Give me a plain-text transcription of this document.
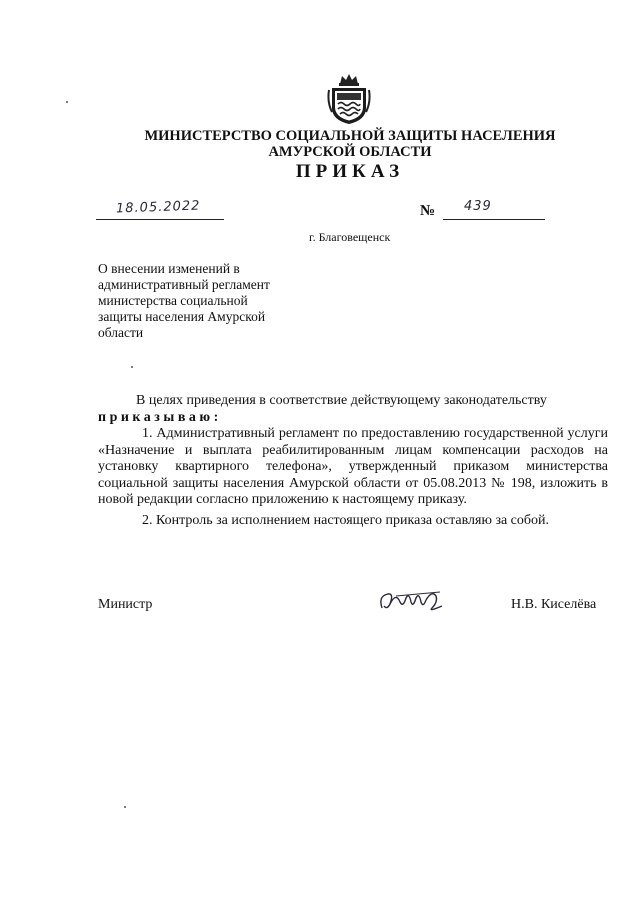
МИНИСТЕРСТВО СОЦИАЛЬНОЙ ЗАЩИТЫ НАСЕЛЕНИЯ
АМУРСКОЙ ОБЛАСТИ
ПРИКАЗ
18.05.2022	№ 439
г. Благовещенск
О внесении изменений в
административный регламент
министерства социальной
защиты населения Амурской
области

В целях приведения в соответствие действующему законодательству

приказываю:

1. Административный регламент по предоставлению государственной услуги «Назначение и выплата реабилитированным лицам компенсации расходов на установку квартирного телефона», утвержденный приказом министерства социальной защиты населения Амурской области от 05.08.2013 № 198, изложить в новой редакции согласно приложению к настоящему приказу.

2. Контроль за исполнением настоящего приказа оставляю за собой.

Министр	Н.В. Киселёва
